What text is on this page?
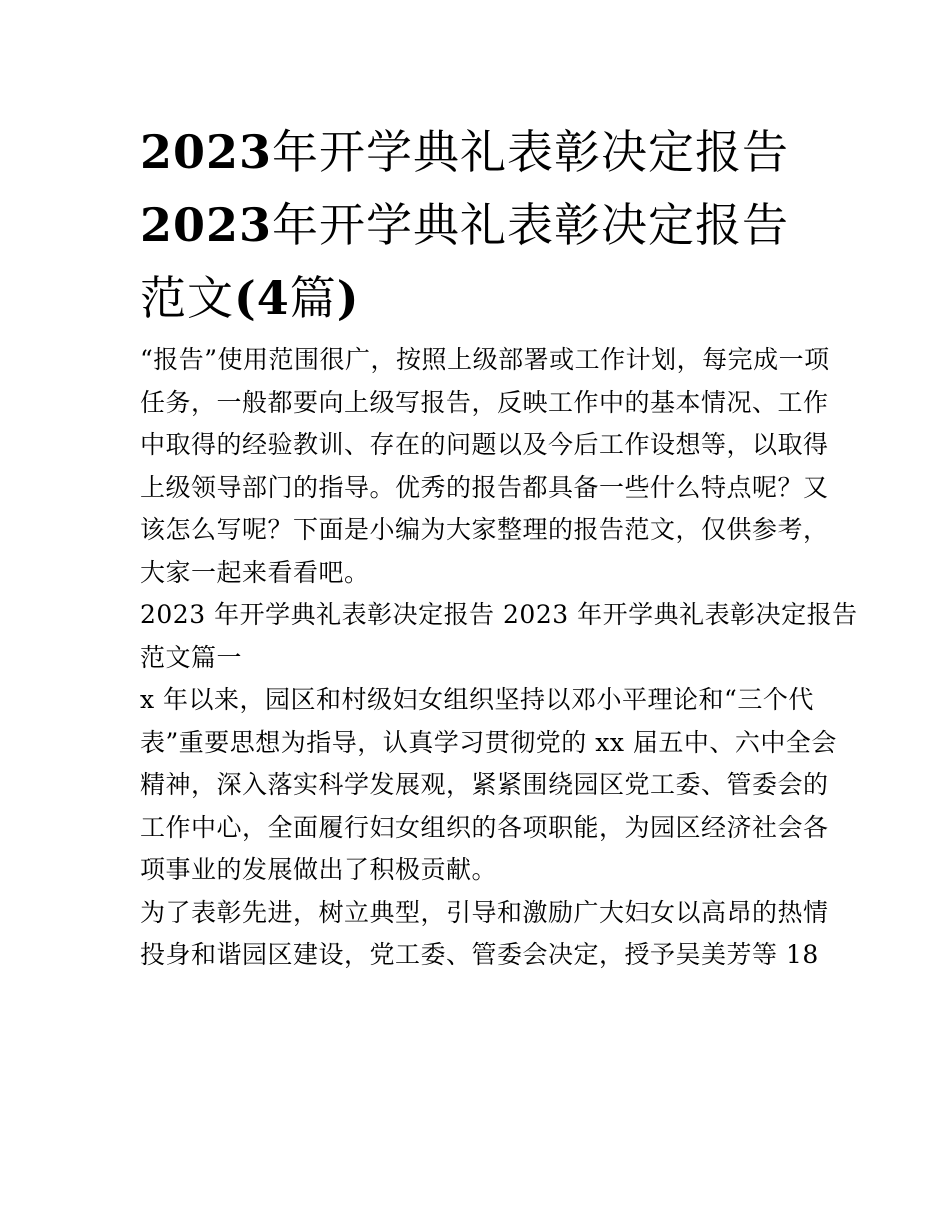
2023年开学典礼表彰决定报告
2023年开学典礼表彰决定报告
范文(4篇)

“报告”使用范围很广，按照上级部署或工作计划，每完成一项
任务，一般都要向上级写报告，反映工作中的基本情况、工作
中取得的经验教训、存在的问题以及今后工作设想等，以取得
上级领导部门的指导。优秀的报告都具备一些什么特点呢？又
该怎么写呢？下面是小编为大家整理的报告范文，仅供参考，
大家一起来看看吧。

2023 年开学典礼表彰决定报告 2023 年开学典礼表彰决定报告
范文篇一

x 年以来，园区和村级妇女组织坚持以邓小平理论和“三个代
表”重要思想为指导，认真学习贯彻党的 xx 届五中、六中全会
精神，深入落实科学发展观，紧紧围绕园区党工委、管委会的
工作中心，全面履行妇女组织的各项职能，为园区经济社会各
项事业的发展做出了积极贡献。

为了表彰先进，树立典型，引导和激励广大妇女以高昂的热情
投身和谐园区建设，党工委、管委会决定，授予吴美芳等 18
